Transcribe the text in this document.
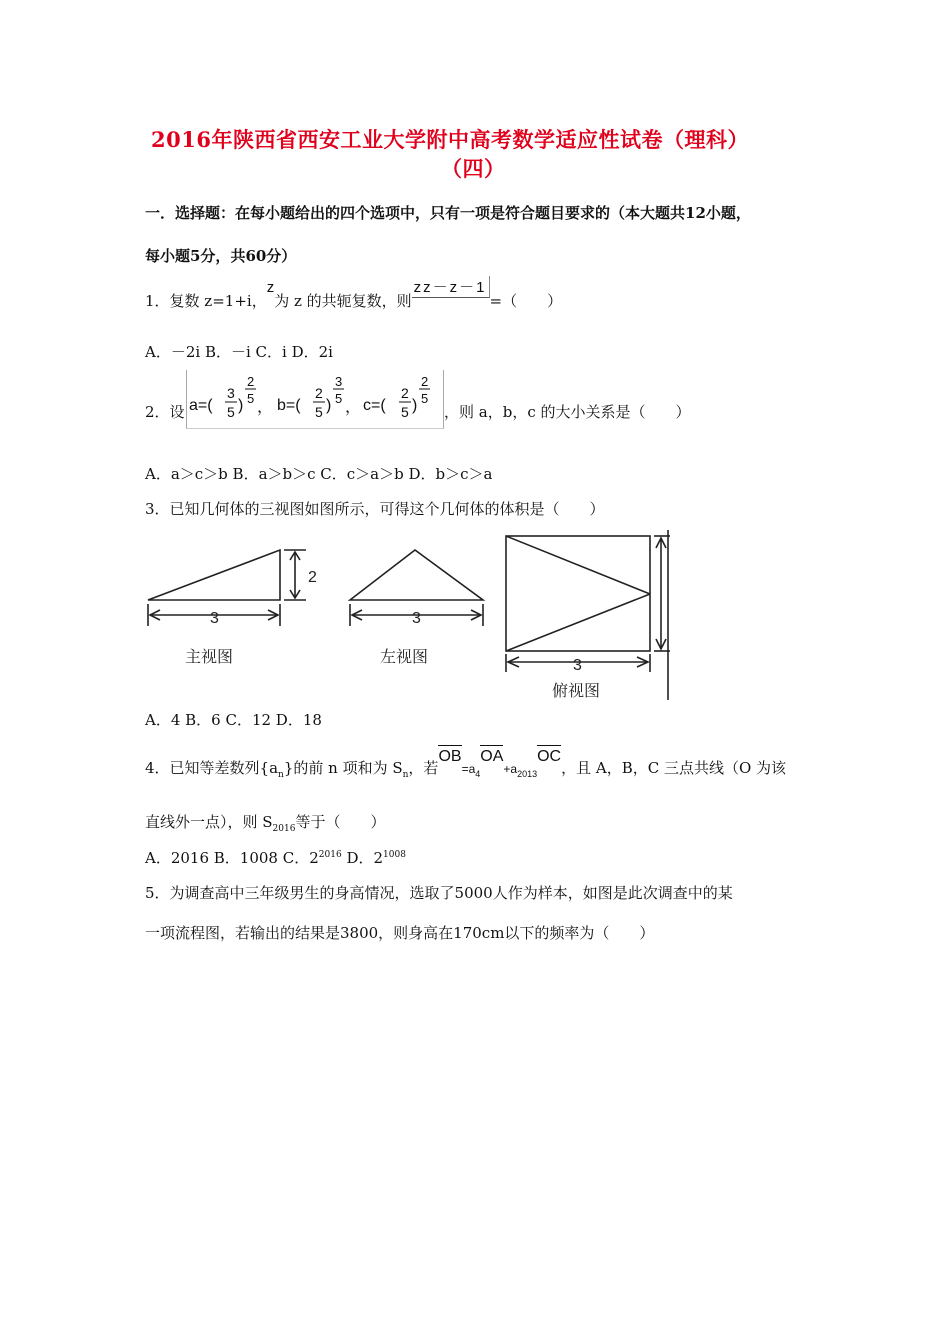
2016年陕西省西安工业大学附中高考数学适应性试卷（理科）
（四）
一．选择题：在每小题给出的四个选项中，只有一项是符合题目要求的（本大题共12小题，
每小题5分，共60分）
1．复数 z=1+i，
z为 z 的共轭复数，则zz－z－1=（　　）
A．－2i B．－i C．i D．2i
2．设 a=(
3
5 )
2
5
， b=(
2
5 )
3
5
， c=(
2
5 )
2
5
，则 a，b，c 的大小关系是（　　）
A．a＞c＞b B．a＞b＞c C．c＞a＞b D．b＞c＞a
3．已知几何体的三视图如图所示，可得这个几何体的体积是（　　）
2
3	3
3
主视图	左视图
俯视图
A．4 B．6 C．12 D．18
4．已知等差数列$\{a_n\}$的前 n 项和为 $S_n$，若
$OB=a_4$
$OA+a_{2013}$
OC，且 A，B，C 三点共线（O 为该
直线外一点），则 $S_{2016}$等于（　　）
A．2016 B．1008 C．$2^{2016}$ D．$2^{1008}$
5．为调查高中三年级男生的身高情况，选取了5000人作为样本，如图是此次调查中的某
一项流程图，若输出的结果是3800，则身高在170cm以下的频率为（　　）
